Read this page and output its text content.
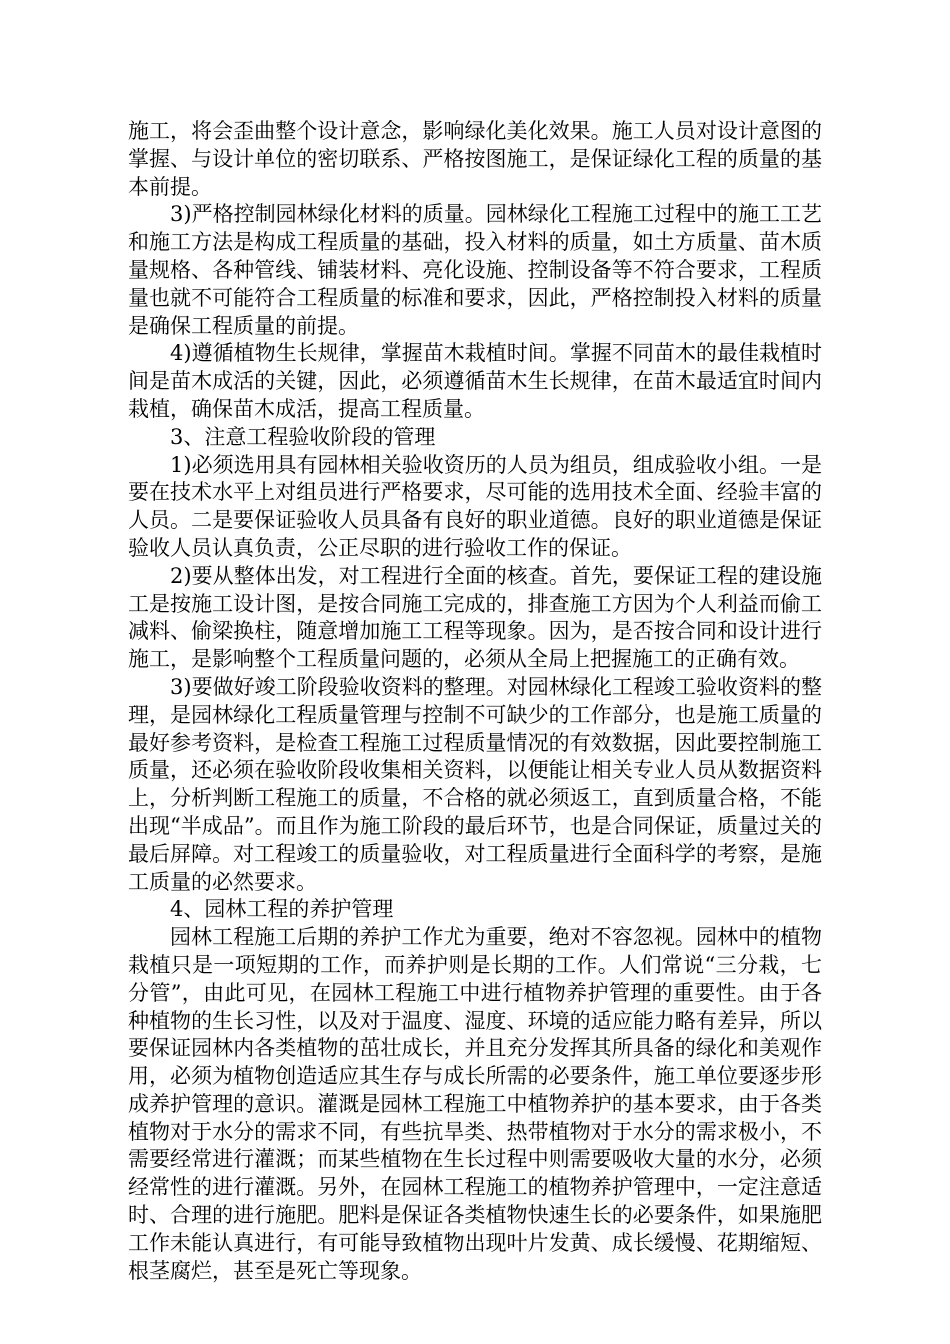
施工，将会歪曲整个设计意念，影响绿化美化效果。施工人员对设计意图的掌握、与设计单位的密切联系、严格按图施工，是保证绿化工程的质量的基本前提。

3)严格控制园林绿化材料的质量。园林绿化工程施工过程中的施工工艺和施工方法是构成工程质量的基础，投入材料的质量，如土方质量、苗木质量规格、各种管线、铺装材料、亮化设施、控制设备等不符合要求，工程质量也就不可能符合工程质量的标准和要求，因此，严格控制投入材料的质量是确保工程质量的前提。

4)遵循植物生长规律，掌握苗木栽植时间。掌握不同苗木的最佳栽植时间是苗木成活的关键，因此，必须遵循苗木生长规律，在苗木最适宜时间内栽植，确保苗木成活，提高工程质量。

3、注意工程验收阶段的管理

1)必须选用具有园林相关验收资历的人员为组员，组成验收小组。一是要在技术水平上对组员进行严格要求，尽可能的选用技术全面、经验丰富的人员。二是要保证验收人员具备有良好的职业道德。良好的职业道德是保证验收人员认真负责，公正尽职的进行验收工作的保证。

2)要从整体出发，对工程进行全面的核查。首先，要保证工程的建设施工是按施工设计图，是按合同施工完成的，排查施工方因为个人利益而偷工减料、偷梁换柱，随意增加施工工程等现象。因为，是否按合同和设计进行施工，是影响整个工程质量问题的，必须从全局上把握施工的正确有效。

3)要做好竣工阶段验收资料的整理。对园林绿化工程竣工验收资料的整理，是园林绿化工程质量管理与控制不可缺少的工作部分，也是施工质量的最好参考资料，是检查工程施工过程质量情况的有效数据，因此要控制施工质量，还必须在验收阶段收集相关资料，以便能让相关专业人员从数据资料上，分析判断工程施工的质量，不合格的就必须返工，直到质量合格，不能出现“半成品”。而且作为施工阶段的最后环节，也是合同保证，质量过关的最后屏障。对工程竣工的质量验收，对工程质量进行全面科学的考察，是施工质量的必然要求。

4、园林工程的养护管理

园林工程施工后期的养护工作尤为重要，绝对不容忽视。园林中的植物栽植只是一项短期的工作，而养护则是长期的工作。人们常说“三分栽，七分管”，由此可见，在园林工程施工中进行植物养护管理的重要性。由于各种植物的生长习性，以及对于温度、湿度、环境的适应能力略有差异，所以要保证园林内各类植物的茁壮成长，并且充分发挥其所具备的绿化和美观作用，必须为植物创造适应其生存与成长所需的必要条件，施工单位要逐步形成养护管理的意识。灌溉是园林工程施工中植物养护的基本要求，由于各类植物对于水分的需求不同，有些抗旱类、热带植物对于水分的需求极小，不需要经常进行灌溉；而某些植物在生长过程中则需要吸收大量的水分，必须经常性的进行灌溉。另外，在园林工程施工的植物养护管理中，一定注意适时、合理的进行施肥。肥料是保证各类植物快速生长的必要条件，如果施肥工作未能认真进行，有可能导致植物出现叶片发黄、成长缓慢、花期缩短、根茎腐烂，甚至是死亡等现象。
